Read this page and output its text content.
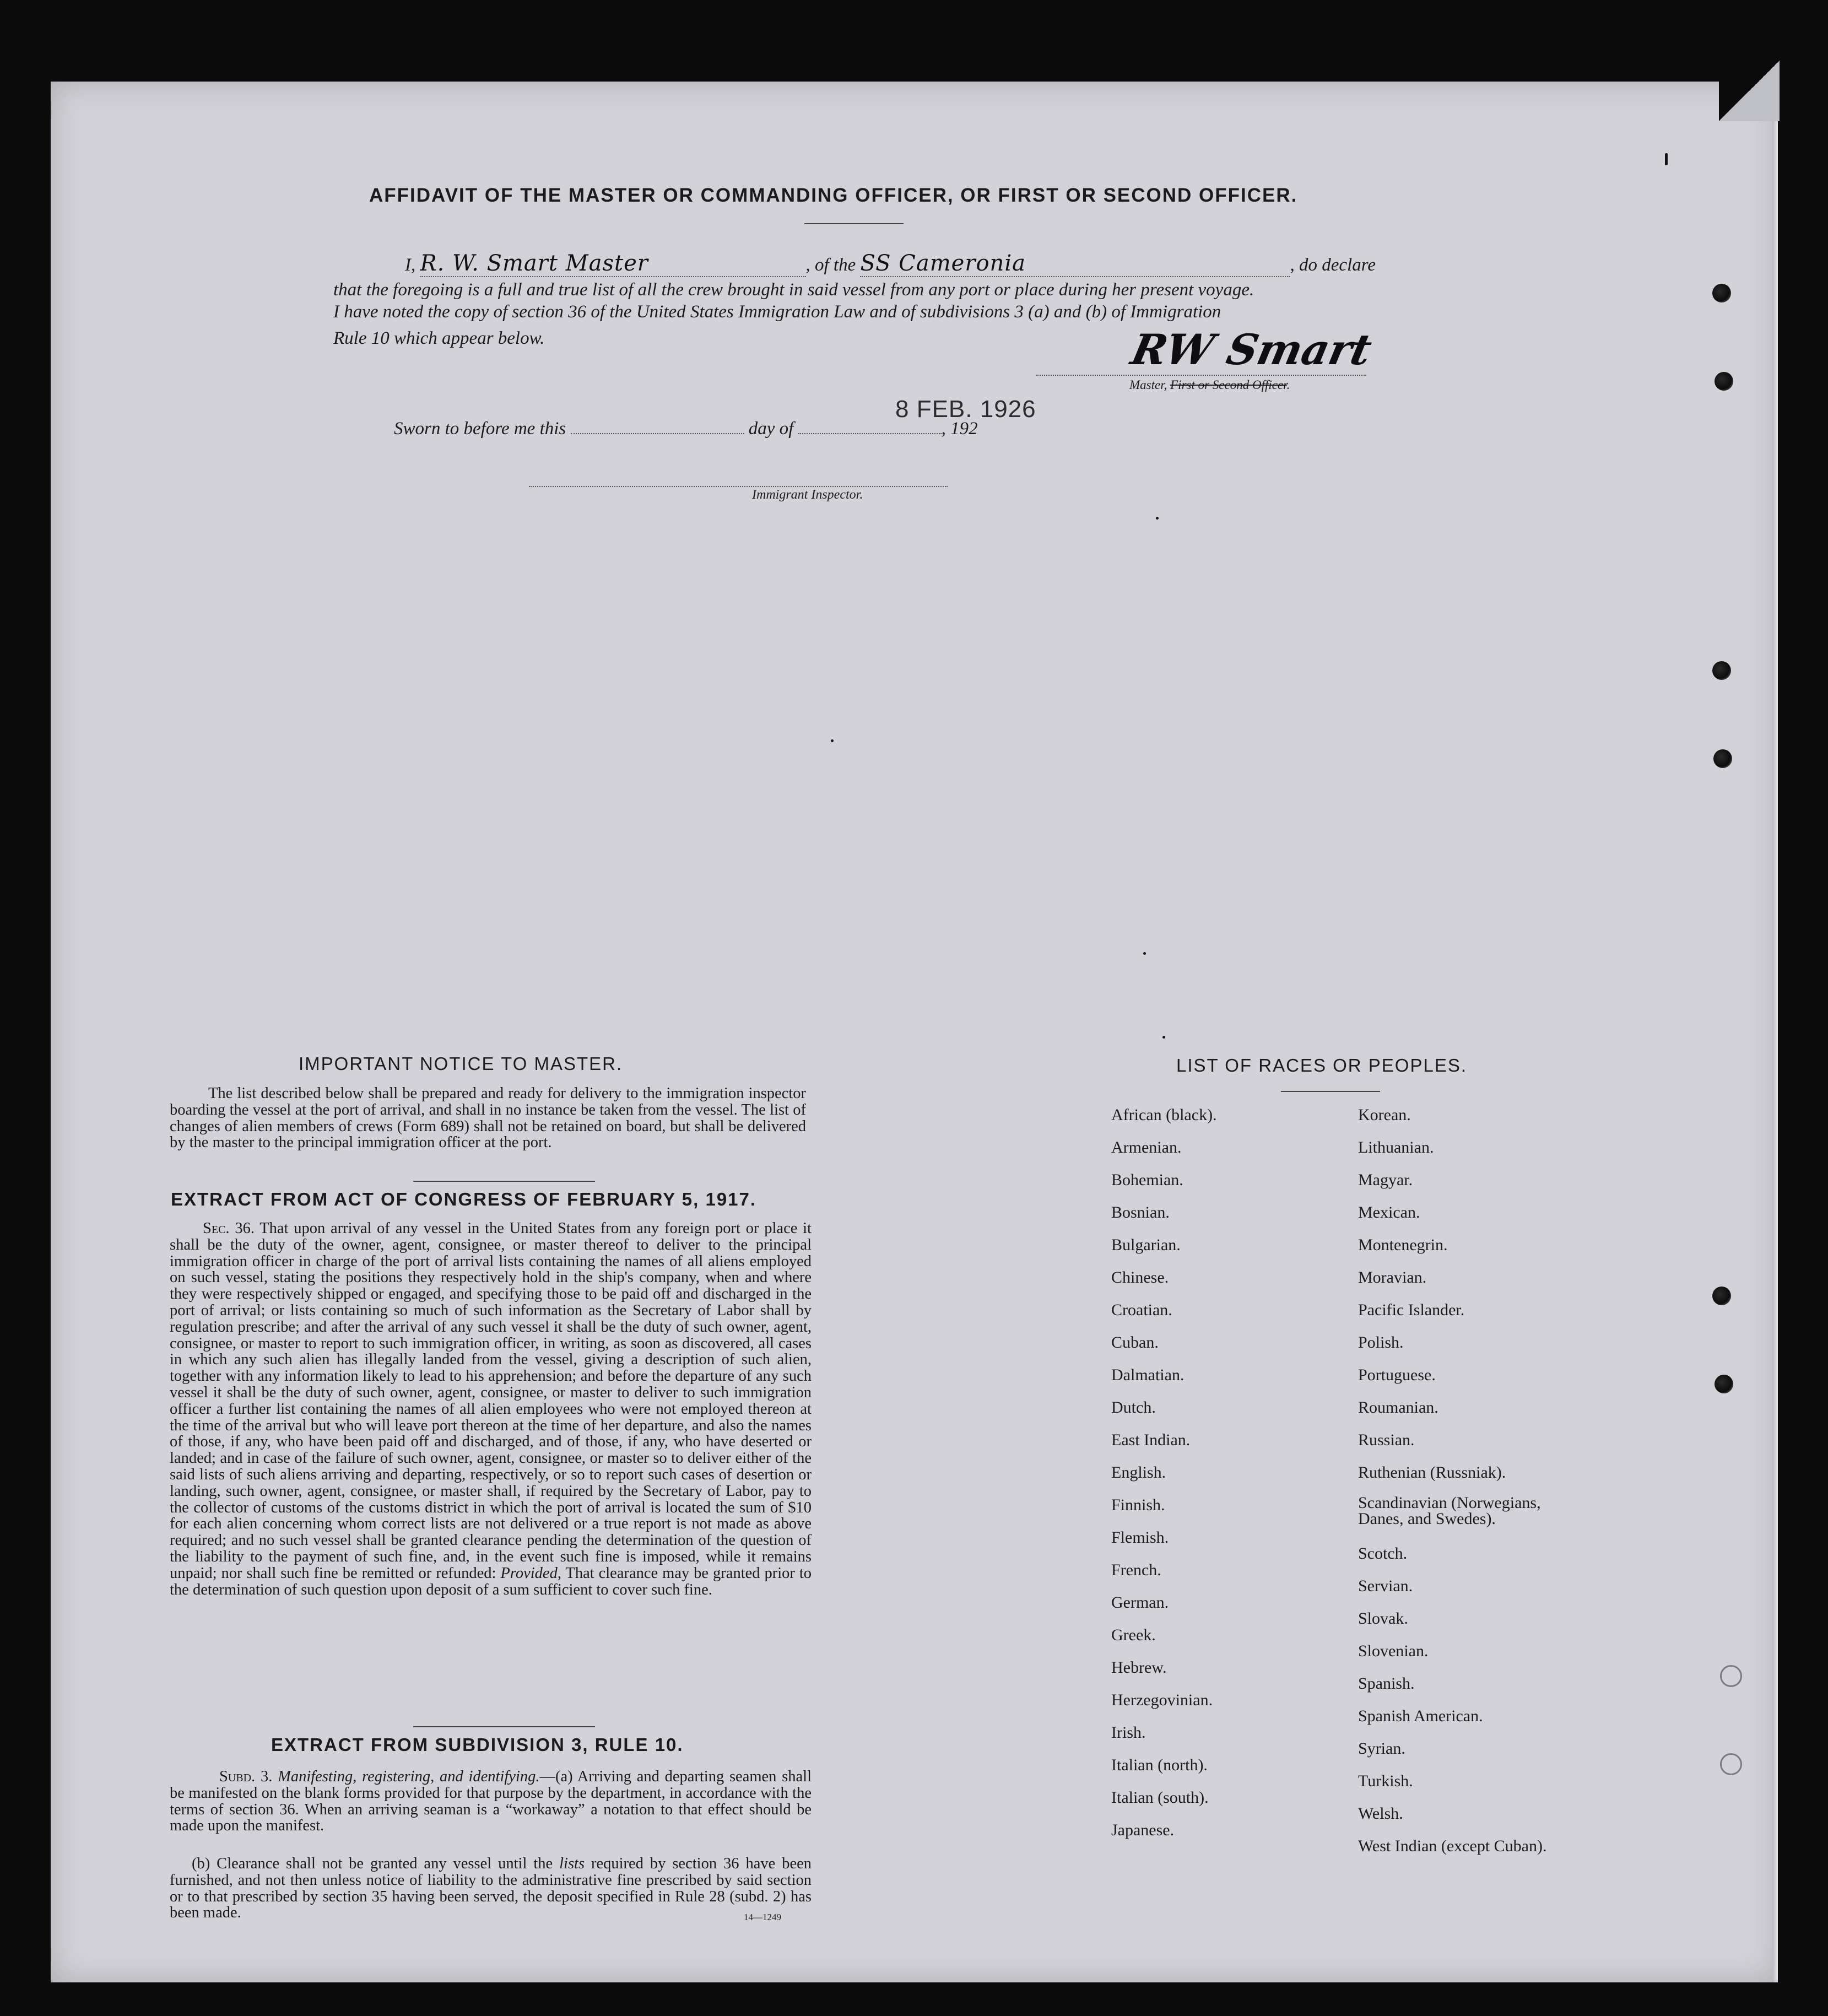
AFFIDAVIT OF THE MASTER OR COMMANDING OFFICER, OR FIRST OR SECOND OFFICER.
I, R. W. Smart Master	, of the SS Cameronia	, do declare
that the foregoing is a full and true list of all the crew brought in said vessel from any port or place during her present voyage.
I have noted the copy of section 36 of the United States Immigration Law and of subdivisions 3 (a) and (b) of Immigration
Rule 10 which appear below.	RW Smart
Master, First or Second Officer.
Sworn to before me this	day of	, 192
8 FEB. 1926
Immigrant Inspector.
IMPORTANT NOTICE TO MASTER.
The list described below shall be prepared and ready for delivery to the immigration inspector boarding the vessel at the port of arrival, and shall in no instance be taken from the vessel. The list of changes of alien members of crews (Form 689) shall not be retained on board, but shall be delivered by the master to the principal immigration officer at the port.
EXTRACT FROM ACT OF CONGRESS OF FEBRUARY 5, 1917.
Sec. 36. That upon arrival of any vessel in the United States from any foreign port or place it shall be the duty of the owner, agent, consignee, or master thereof to deliver to the principal immigration officer in charge of the port of arrival lists containing the names of all aliens employed on such vessel, stating the positions they respectively hold in the ship's company, when and where they were respectively shipped or engaged, and specifying those to be paid off and discharged in the port of arrival; or lists containing so much of such information as the Secretary of Labor shall by regulation prescribe; and after the arrival of any such vessel it shall be the duty of such owner, agent, consignee, or master to report to such immigration officer, in writing, as soon as discovered, all cases in which any such alien has illegally landed from the vessel, giving a description of such alien, together with any information likely to lead to his apprehension; and before the departure of any such vessel it shall be the duty of such owner, agent, consignee, or master to deliver to such immigration officer a further list containing the names of all alien employees who were not employed thereon at the time of the arrival but who will leave port thereon at the time of her departure, and also the names of those, if any, who have been paid off and discharged, and of those, if any, who have deserted or landed; and in case of the failure of such owner, agent, consignee, or master so to deliver either of the said lists of such aliens arriving and departing, respectively, or so to report such cases of desertion or landing, such owner, agent, consignee, or master shall, if required by the Secretary of Labor, pay to the collector of customs of the customs district in which the port of arrival is located the sum of $10 for each alien concerning whom correct lists are not delivered or a true report is not made as above required; and no such vessel shall be granted clearance pending the determination of the question of the liability to the payment of such fine, and, in the event such fine is imposed, while it remains unpaid; nor shall such fine be remitted or refunded: Provided, That clearance may be granted prior to the determination of such question upon deposit of a sum sufficient to cover such fine.
EXTRACT FROM SUBDIVISION 3, RULE 10.
Subd. 3. Manifesting, registering, and identifying.—(a) Arriving and departing seamen shall be manifested on the blank forms provided for that purpose by the department, in accordance with the terms of section 36. When an arriving seaman is a “workaway” a notation to that effect should be made upon the manifest.
(b) Clearance shall not be granted any vessel until the lists required by section 36 have been furnished, and not then unless notice of liability to the administrative fine prescribed by said section or to that prescribed by section 35 having been served, the deposit specified in Rule 28 (subd. 2) has been made.	14—1249
LIST OF RACES OR PEOPLES.
African (black).
Armenian.
Bohemian.
Bosnian.
Bulgarian.
Chinese.
Croatian.
Cuban.
Dalmatian.
Dutch.
East Indian.
English.
Finnish.
Flemish.
French.
German.
Greek.
Hebrew.
Herzegovinian.
Irish.
Italian (north).
Italian (south).
Japanese.
Korean.
Lithuanian.
Magyar.
Mexican.
Montenegrin.
Moravian.
Pacific Islander.
Polish.
Portuguese.
Roumanian.
Russian.
Ruthenian (Russniak).
Scandinavian (Norwegians, Danes, and Swedes).
Scotch.
Servian.
Slovak.
Slovenian.
Spanish.
Spanish American.
Syrian.
Turkish.
Welsh.
West Indian (except Cuban).
